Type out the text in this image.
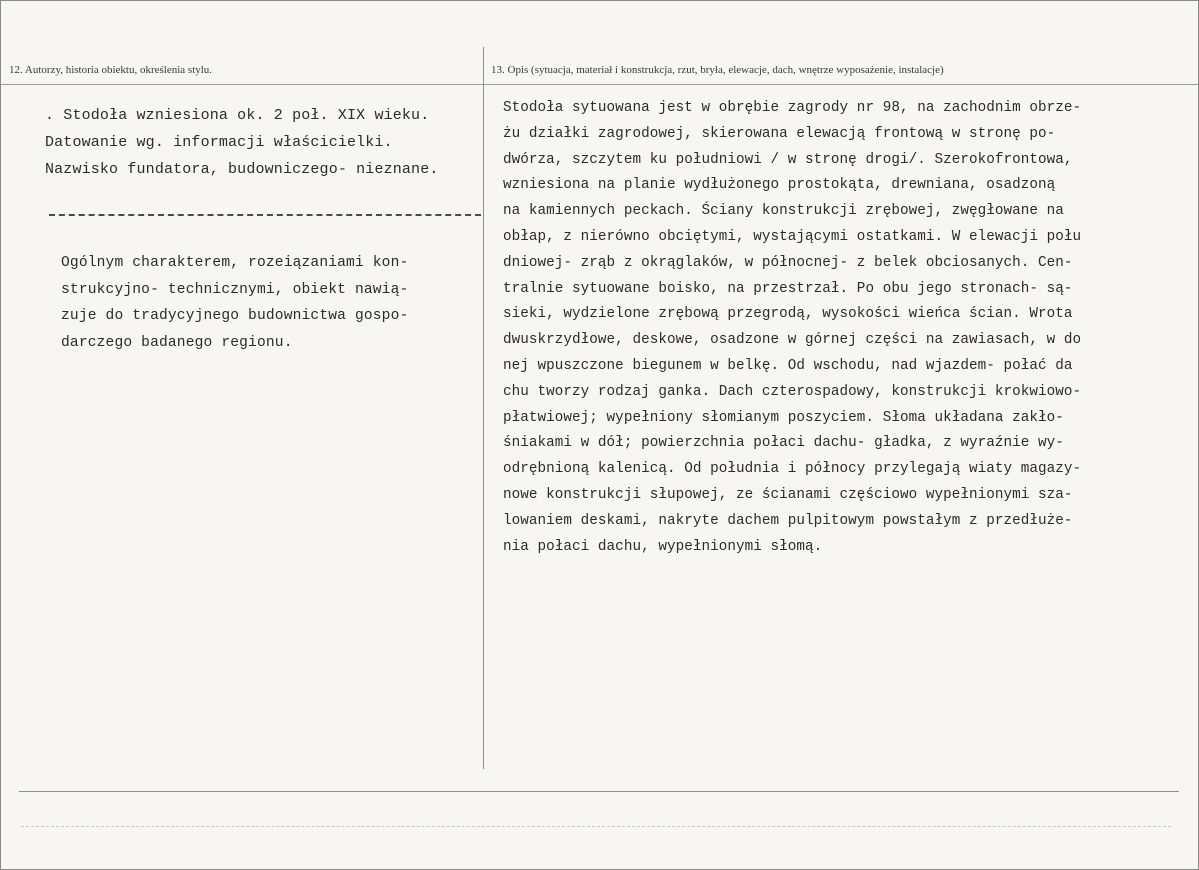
12. Autorzy, historia obiektu, określenia stylu.	13. Opis (sytuacja, materiał i konstrukcja, rzut, bryła, elewacje, dach, wnętrze wyposażenie, instalacje)
. Stodoła wzniesiona ok. 2 poł. XIX wieku.
Datowanie wg. informacji właścicielki.
Nazwisko fundatora, budowniczego- nieznane.
Ogólnym charakterem, rozeiązaniami kon-
strukcyjno- technicznymi, obiekt nawią-
zuje do tradycyjnego budownictwa gospo-
darczego badanego regionu.
Stodoła sytuowana jest w obrębie zagrody nr 98, na zachodnim obrze-
żu działki zagrodowej, skierowana elewacją frontową w stronę po-
dwórza, szczytem ku południowi / w stronę drogi/. Szerokofrontowa,
wzniesiona na planie wydłużonego prostokąta, drewniana, osadzoną
na kamiennych peckach. Ściany konstrukcji zrębowej, zwęgłowane na
obłap, z nierówno obciętymi, wystającymi ostatkami. W elewacji połu
dniowej- zrąb z okrąglaków, w północnej- z belek obciosanych. Cen-
tralnie sytuowane boisko, na przestrzał. Po obu jego stronach- są-
sieki, wydzielone zrębową przegrodą, wysokości wieńca ścian. Wrota
dwuskrzydłowe, deskowe, osadzone w górnej części na zawiasach, w do
nej wpuszczone biegunem w belkę. Od wschodu, nad wjazdem- połać da
chu tworzy rodzaj ganka. Dach czterospadowy, konstrukcji krokwiowo-
płatwiowej; wypełniony słomianym poszyciem. Słoma układana zakło-
śniakami w dół; powierzchnia połaci dachu- gładka, z wyraźnie wy-
odrębnioną kalenicą. Od południa i północy przylegają wiaty magazy-
nowe konstrukcji słupowej, ze ścianami częściowo wypełnionymi sza-
lowaniem deskami, nakryte dachem pulpitowym powstałym z przedłuże-
nia połaci dachu, wypełnionymi słomą.
